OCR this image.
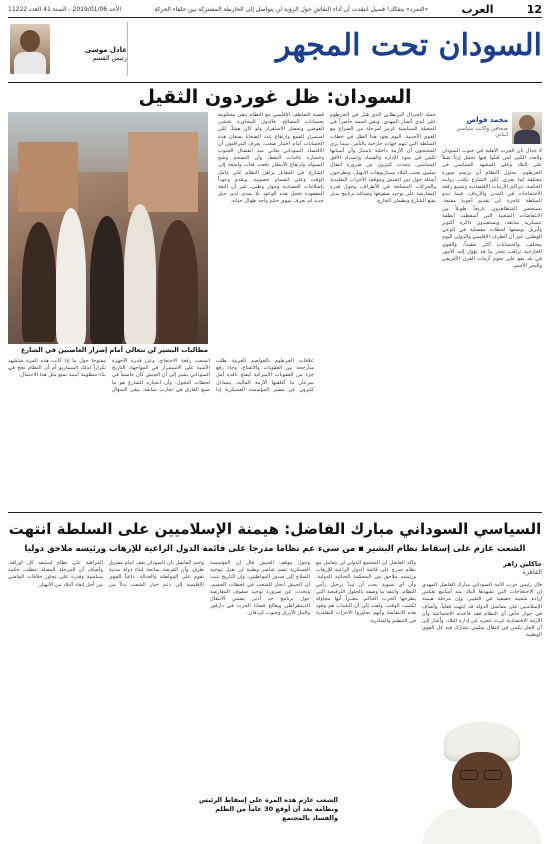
12
العرب
«التمرد» يتفكك! فصيل انتقدت أن أداء النقاش حول الرؤية لن يتواصل إلى الخارطة المشتركة بين حلفاء الحركة
الأحد 2019/01/06 - السنة 41 العدد 11222
السودان تحت المجهر
عادل موسى
رئيس القسم
السودان: ظل غوردون الثقيل
محمد قواص
صحافي وكاتب سياسي لبناني
لا جدال بأن الحرب الأهلية في جنوب السودان والعدد الكبير لمن قتلوا فيها تحمل إرثاً ثقيلاً على البلاد وعلى المشهد السياسي في الخرطوم. يحاول النظام أن يرسم صورة مختلفة لما يجري، لكن الشارع يكتب روايته الخاصة. تتراكم الأزمات الاقتصادية وتتسع رقعة الاحتجاجات في المدن والأرياف، فيما تبدو السلطة عاجزة عن تقديم أجوبة مقنعة. يستحضر المتظاهرون تاريخاً طويلاً من الانتفاضات الشعبية التي أسقطت أنظمة عسكرية سابقة، ويستعيدون ذاكرة أكتوبر وأبريل بوصفها لحظات مفصلية في الوعي الوطني. غير أن الظرف الإقليمي والدولي اليوم مختلف، والحسابات أكثر تعقيداً، والقوى الخارجية تراقب بحذر ما قد تؤول إليه الأمور في بلد يقع على تخوم أزمات القرن الأفريقي والبحر الأحمر.
حمله الجنرال البريطاني الذي قتل في الخرطوم على أيدي أنصار المهدي، وبقي اسمه حاضراً في المخيلة السياسية كرمز لمرحلة من الصراع مع القوى الأجنبية. اليوم يعود هذا الظل في خطاب السلطة التي تتهم جهات خارجية بالتآمر، بينما يرى المحتجون أن الأزمة داخلية بامتياز وأن أسبابها تكمن في سوء الإدارة والفساد وانسداد الأفق السياسي. يتحدث كثيرون عن ضرورة انتقال سلمي يجنب البلاد سيناريوهات الانهيار، ويطرحون أسئلة حول دور الجيش وموقف الأحزاب التقليدية والحركات المسلحة في الأطراف، وحول قدرة المعارضة على توحيد صفوفها وصياغة برنامج بديل يقنع الشارع ويطمئن الخارج.
قضية التعاطف الإقليمي مع النظام تبقى محكومة بحسابات المصالح، فالدول المجاورة تخشى الفوضى وتفضل الاستقرار ولو كان هشاً. لكن استمرار القمع وارتفاع عدد الضحايا يضعان هذه الحسابات أمام اختبار صعب. يعرف المراقبون أن الاقتصاد السوداني يعاني منذ انفصال الجنوب وخسارة عائدات النفط، وأن التضخم وشح السيولة وارتفاع الأسعار دفعت فئات واسعة إلى الشارع. في المقابل يراهن النظام على عامل الوقت وعلى انقسام خصومه، ويقدم وعوداً بإصلاحات اقتصادية وحوار وطني، غير أن الثقة المفقودة تجعل هذه الوعود بلا صدى لدى جيل جديد لم يعرف سوى حكم واحد طوال حياته.
علاقات الخرطوم بالعواصم الغربية ظلت متأرجحة بين العقوبات والانفتاح، وجاء رفع جزء من العقوبات الأميركية ليفتح نافذة أمل سرعان ما أغلقتها الأزمة المالية. يتساءل كثيرون عن مصير المؤسسة العسكرية إذا اتسعت رقعة الاحتجاج، وعن قدرة الأجهزة الأمنية على الاستمرار في المواجهة. التاريخ السوداني يشير إلى أن الجيش كان حاسماً في لحظات التحول، وأن انحيازه للشارع هو ما صنع الفارق في تجارب سابقة. يبقى السؤال مفتوحاً حول ما إذا كانت هذه المرة ستشهد تكراراً لذلك السيناريو أم أن النظام نجح في بناء منظومة أمنية تمنع مثل هذا الاحتمال.
مطالبات البشير لن تتعالى أمام إصرار الغاضبين في الشارع
السياسي السوداني مبارك الفاضل: هيمنة الإسلاميين على السلطة انتهت
الشعب عازم على إسقاط نظام البشير ▪ من سيء عم نظاما مدرجا على قائمة الدول الراعية للإرهاب ورئيسه ملاحق دوليا
جاكلين زاهر
القاهرة
قال رئيس حزب الأمة السوداني مبارك الفاضل المهدي إن الاحتجاجات التي تشهدها البلاد منذ أسابيع تعكس إرادة شعبية حقيقية في التغيير، وإن مرحلة هيمنة الإسلاميين على مفاصل الدولة قد انتهت فعلياً. وأضاف في حوار خاص أن النظام فقد قاعدته الاجتماعية وأن الأزمة الاقتصادية عرت عجزه عن إدارة البلاد. وأشار إلى أن الحل يكمن في انتقال سلمي تشارك فيه كل القوى الوطنية.
وأكد الفاضل أن المجتمع الدولي لن يتعامل مع نظام مدرج على قائمة الدول الراعية للإرهاب ورئيسه ملاحق من المحكمة الجنائية الدولية، وأن أي تسوية يجب أن تبدأ برحيل رأس النظام. وانتقد ما وصفه بالحلول الترقيعية التي يطرحها الحزب الحاكم، معتبراً أنها محاولة لكسب الوقت. ولفت إلى أن الشباب هم وقود هذه الانتفاضة وأنهم تجاوزوا الأحزاب التقليدية في التنظيم والمبادرة.
وحول موقف الجيش قال إن المؤسسة العسكرية تضم عناصر وطنية لن تقبل بتوجيه السلاح إلى صدور المواطنين، وإن التاريخ يثبت أن الجيش انحاز للشعب في لحظات الحسم. وتحدث عن ضرورة توحيد صفوف المعارضة حول برنامج حد أدنى يضمن الانتقال الديمقراطي ويعالج قضايا الحرب في دارفور والنيل الأزرق وجنوب كردفان.
وختم الفاضل بأن السودان يقف أمام مفترق طرق، وأن الفرصة سانحة لبناء دولة مدنية تقوم على المواطنة والعدالة، داعياً القوى الإقليمية إلى دعم خيار الشعب بدلاً من المراهنة على نظام استنفد كل أوراقه. وأضاف أن المرحلة المقبلة تتطلب حكمة سياسية وقدرة على تجاوز خلافات الماضي من أجل إنقاذ البلاد من الانهيار.
الشعب عازم هذه المرة على إسقاط الرئيس ونظامه بعد أن أوقع 30 عاماً من الظلم والفساد بالمجتمع
